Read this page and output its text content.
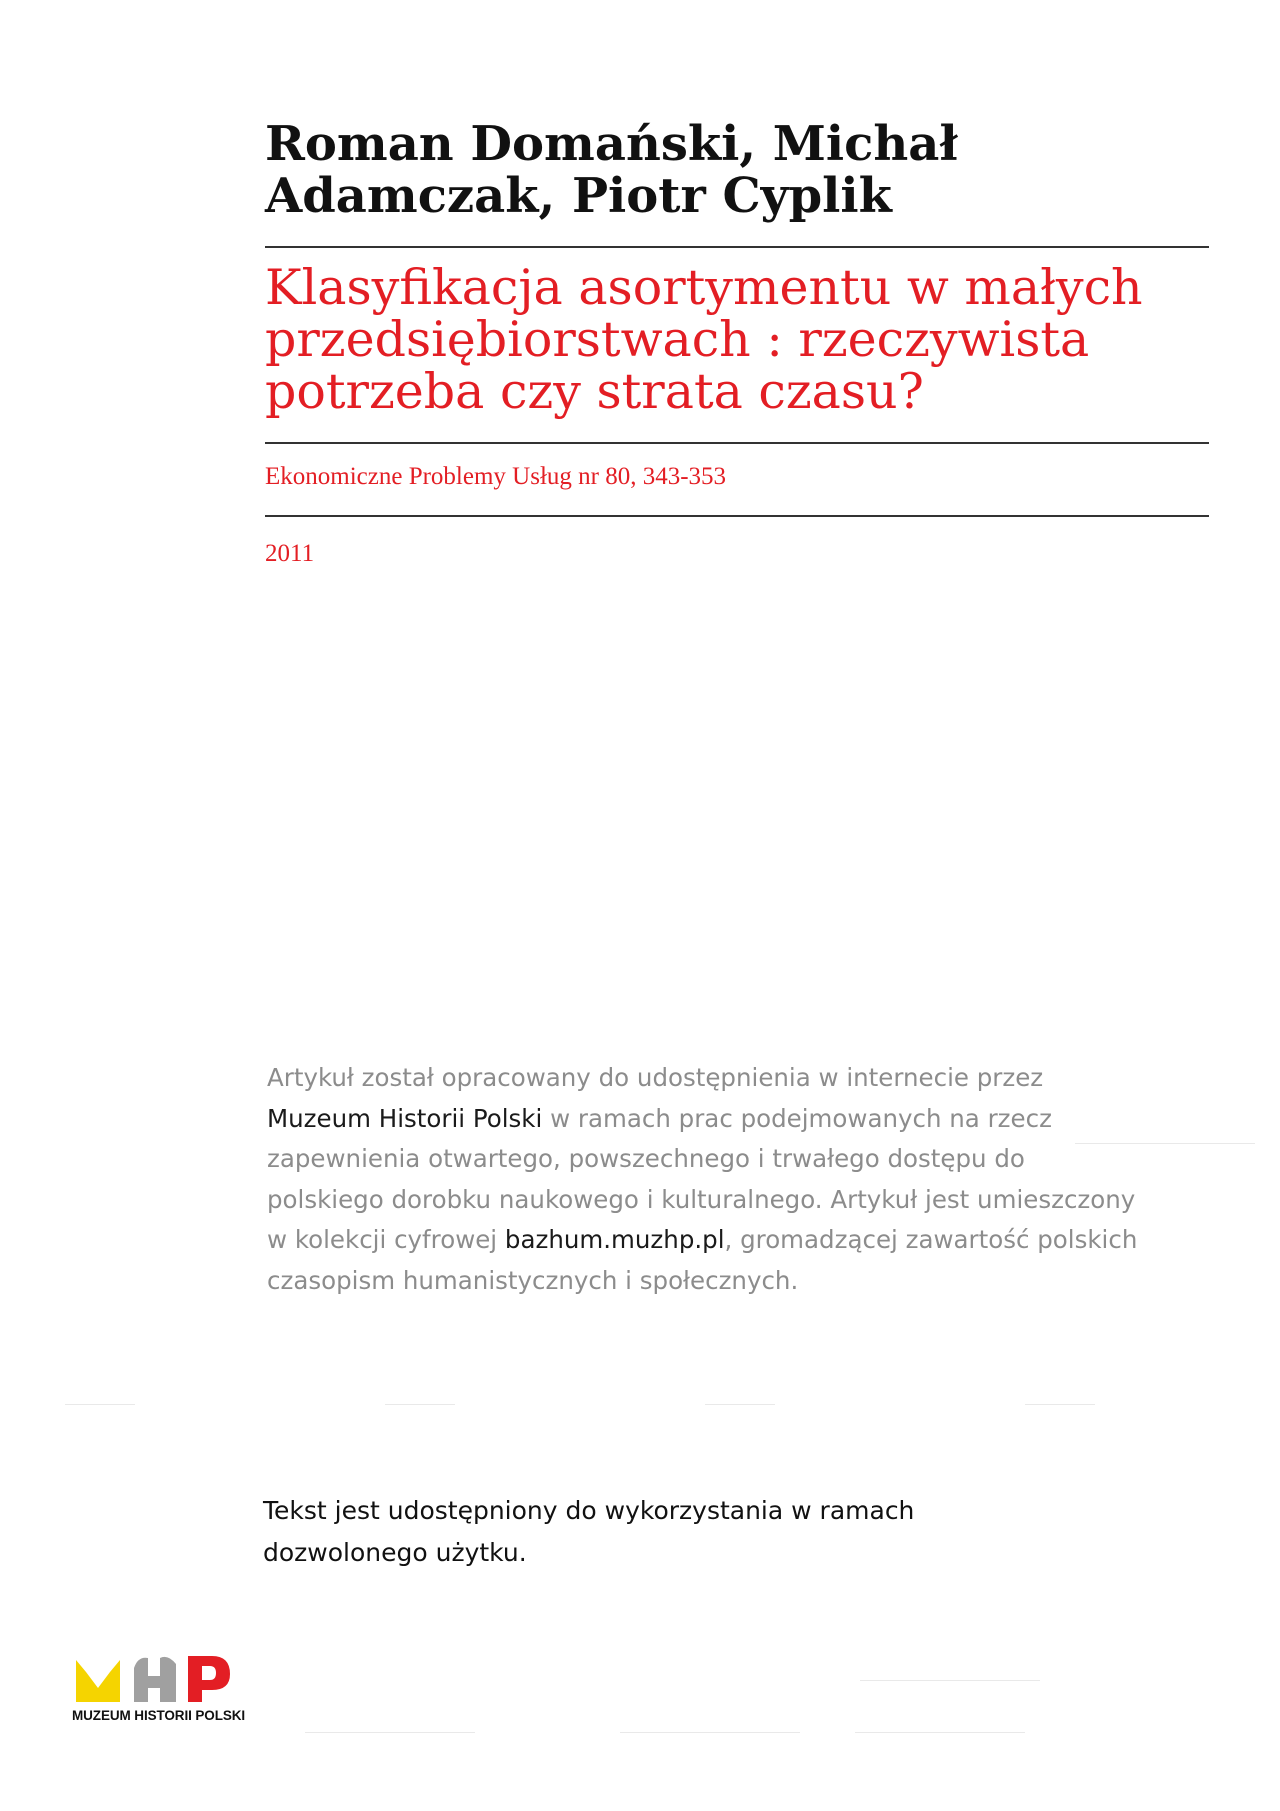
Roman Domański, Michał
Adamczak, Piotr Cyplik
Klasyfikacja asortymentu w małych
przedsiębiorstwach : rzeczywista
potrzeba czy strata czasu?
Ekonomiczne Problemy Usług nr 80, 343-353
2011
Artykuł został opracowany do udostępnienia w internecie przez
Muzeum Historii Polski w ramach prac podejmowanych na rzecz
zapewnienia otwartego, powszechnego i trwałego dostępu do
polskiego dorobku naukowego i kulturalnego. Artykuł jest umieszczony
w kolekcji cyfrowej bazhum.muzhp.pl, gromadzącej zawartość polskich
czasopism humanistycznych i społecznych.
Tekst jest udostępniony do wykorzystania w ramach
dozwolonego użytku.
MUZEUM HISTORII POLSKI
